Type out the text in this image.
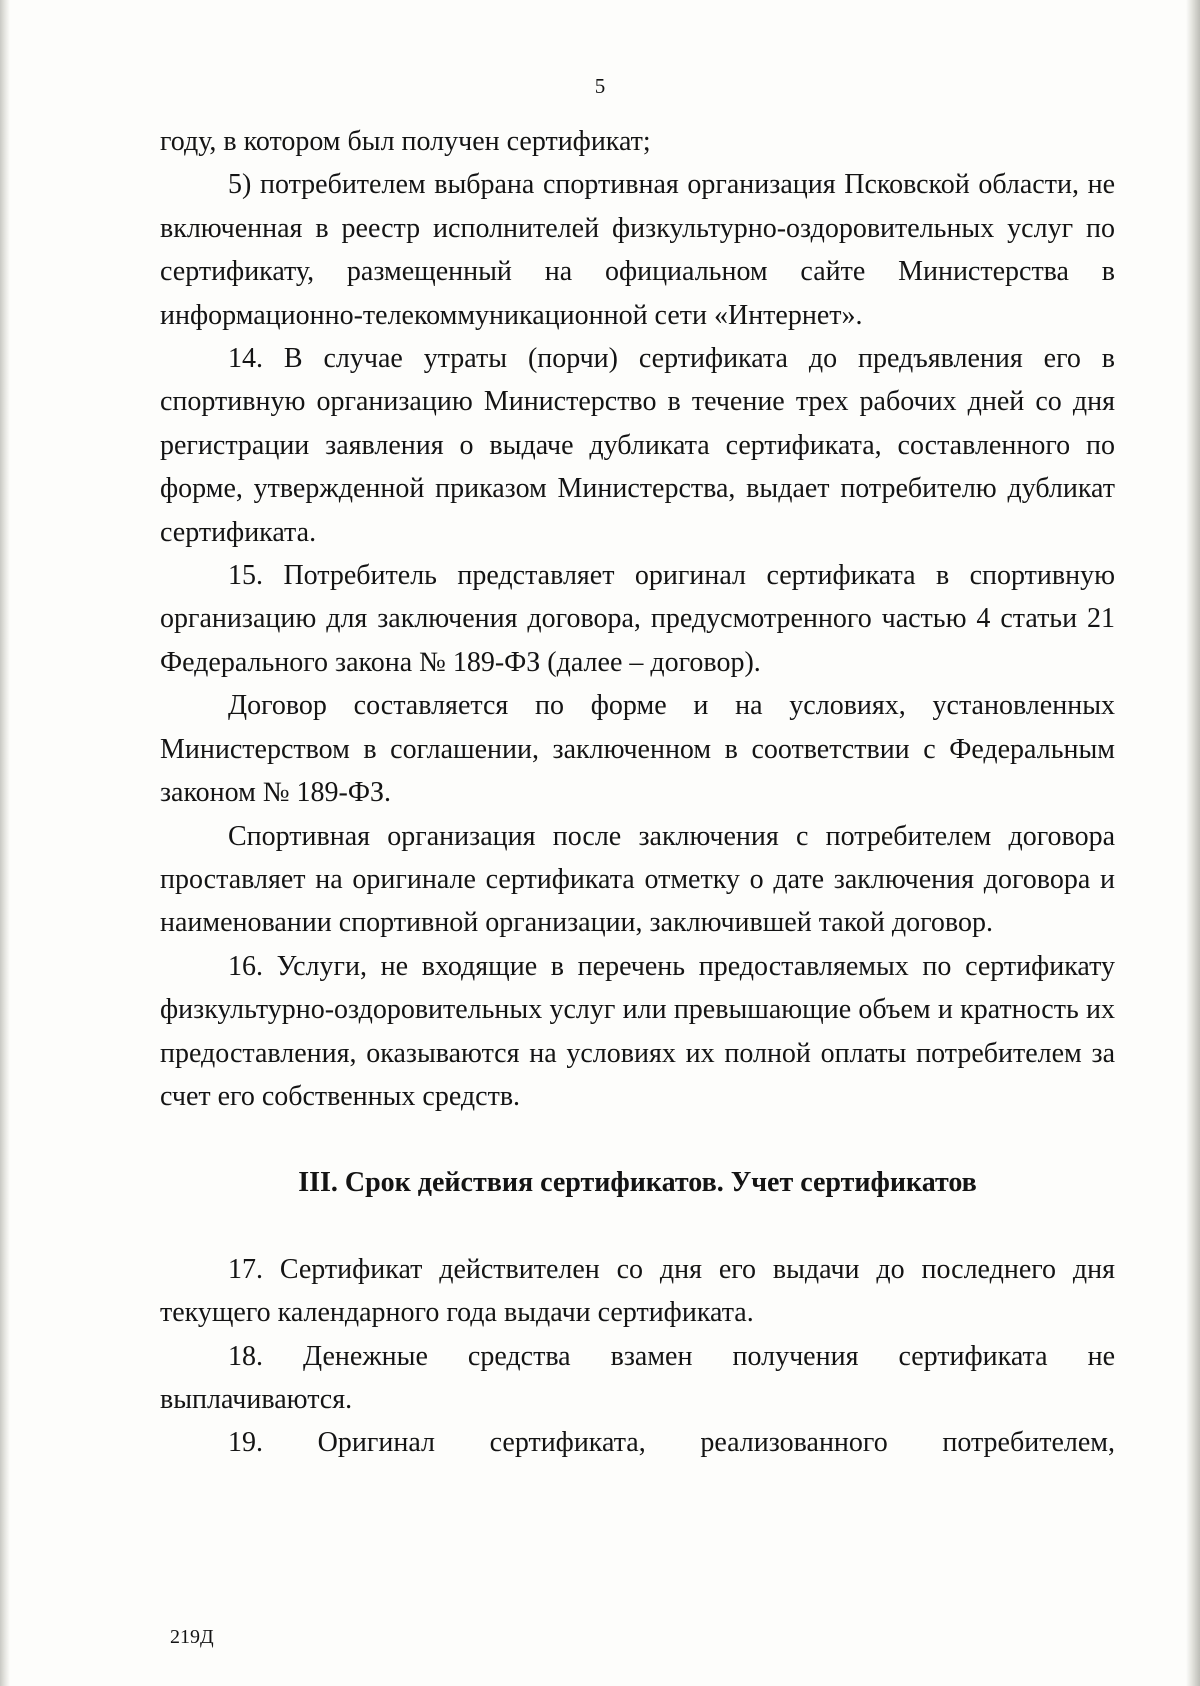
5

году, в котором был получен сертификат;

5) потребителем выбрана спортивная организация Псковской области, не включенная в реестр исполнителей физкультурно-оздоровительных услуг по сертификату, размещенный на официальном сайте Министерства в информационно-телекоммуникационной сети «Интернет».

14. В случае утраты (порчи) сертификата до предъявления его в спортивную организацию Министерство в течение трех рабочих дней со дня регистрации заявления о выдаче дубликата сертификата, составленного по форме, утвержденной приказом Министерства, выдает потребителю дубликат сертификата.

15. Потребитель представляет оригинал сертификата в спортивную организацию для заключения договора, предусмотренного частью 4 статьи 21 Федерального закона № 189-ФЗ (далее – договор).

Договор составляется по форме и на условиях, установленных Министерством в соглашении, заключенном в соответствии с Федеральным законом № 189-ФЗ.

Спортивная организация после заключения с потребителем договора проставляет на оригинале сертификата отметку о дате заключения договора и наименовании спортивной организации, заключившей такой договор.

16. Услуги, не входящие в перечень предоставляемых по сертификату физкультурно-оздоровительных услуг или превышающие объем и кратность их предоставления, оказываются на условиях их полной оплаты потребителем за счет его собственных средств.

III. Срок действия сертификатов. Учет сертификатов

17. Сертификат действителен со дня его выдачи до последнего дня текущего календарного года выдачи сертификата.

18. Денежные средства взамен получения сертификата не выплачиваются.

19. Оригинал сертификата, реализованного потребителем,

219Д
